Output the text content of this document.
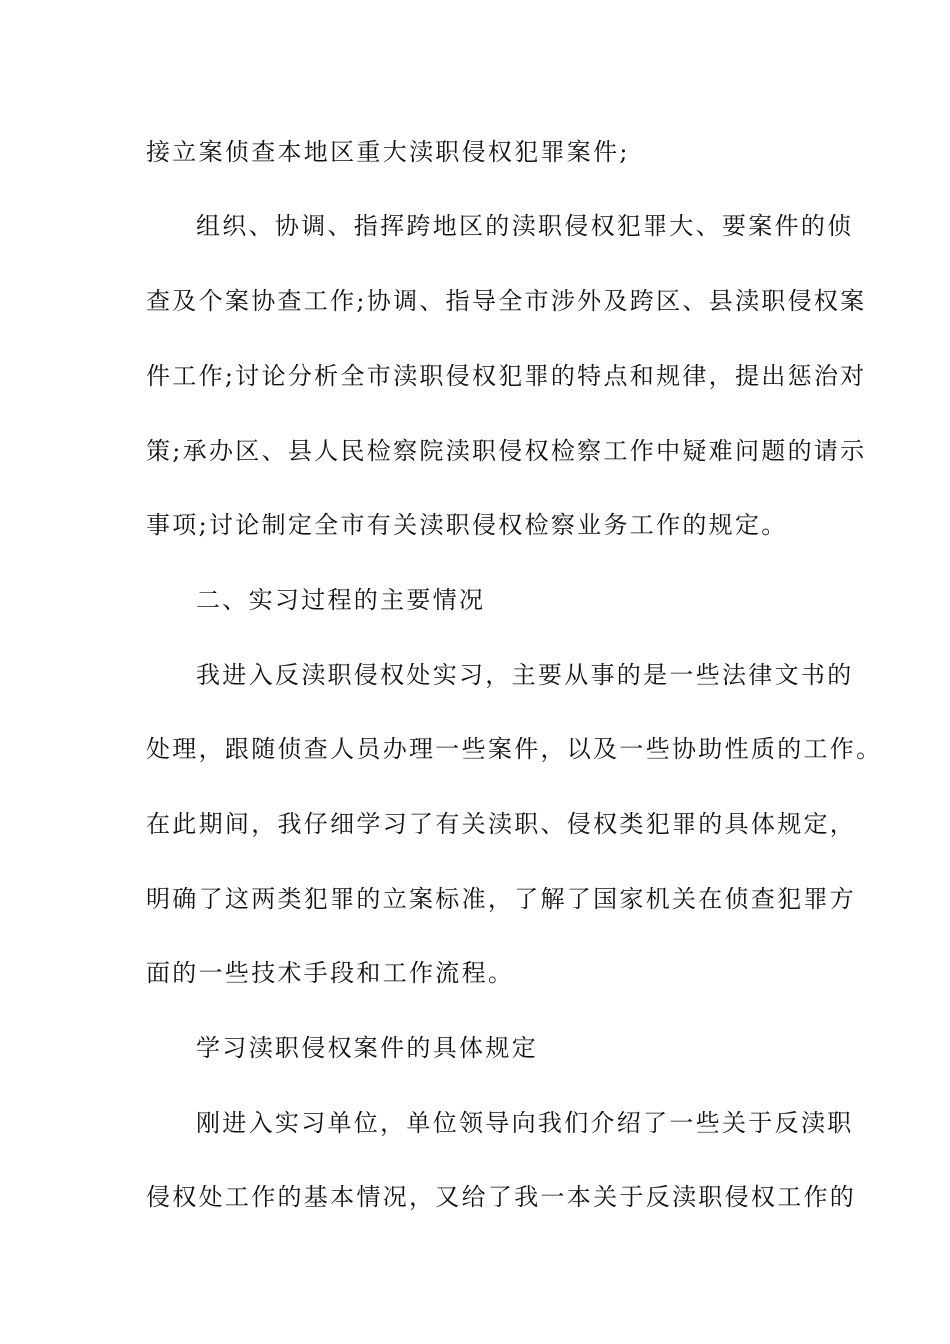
接立案侦查本地区重大渎职侵权犯罪案件;
组织、协调、指挥跨地区的渎职侵权犯罪大、要案件的侦
查及个案协查工作;协调、指导全市涉外及跨区、县渎职侵权案
件工作;讨论分析全市渎职侵权犯罪的特点和规律，提出惩治对
策;承办区、县人民检察院渎职侵权检察工作中疑难问题的请示
事项;讨论制定全市有关渎职侵权检察业务工作的规定。
二、实习过程的主要情况
我进入反渎职侵权处实习，主要从事的是一些法律文书的
处理，跟随侦查人员办理一些案件，以及一些协助性质的工作。
在此期间，我仔细学习了有关渎职、侵权类犯罪的具体规定，
明确了这两类犯罪的立案标准，了解了国家机关在侦查犯罪方
面的一些技术手段和工作流程。
学习渎职侵权案件的具体规定
刚进入实习单位，单位领导向我们介绍了一些关于反渎职
侵权处工作的基本情况，又给了我一本关于反渎职侵权工作的
